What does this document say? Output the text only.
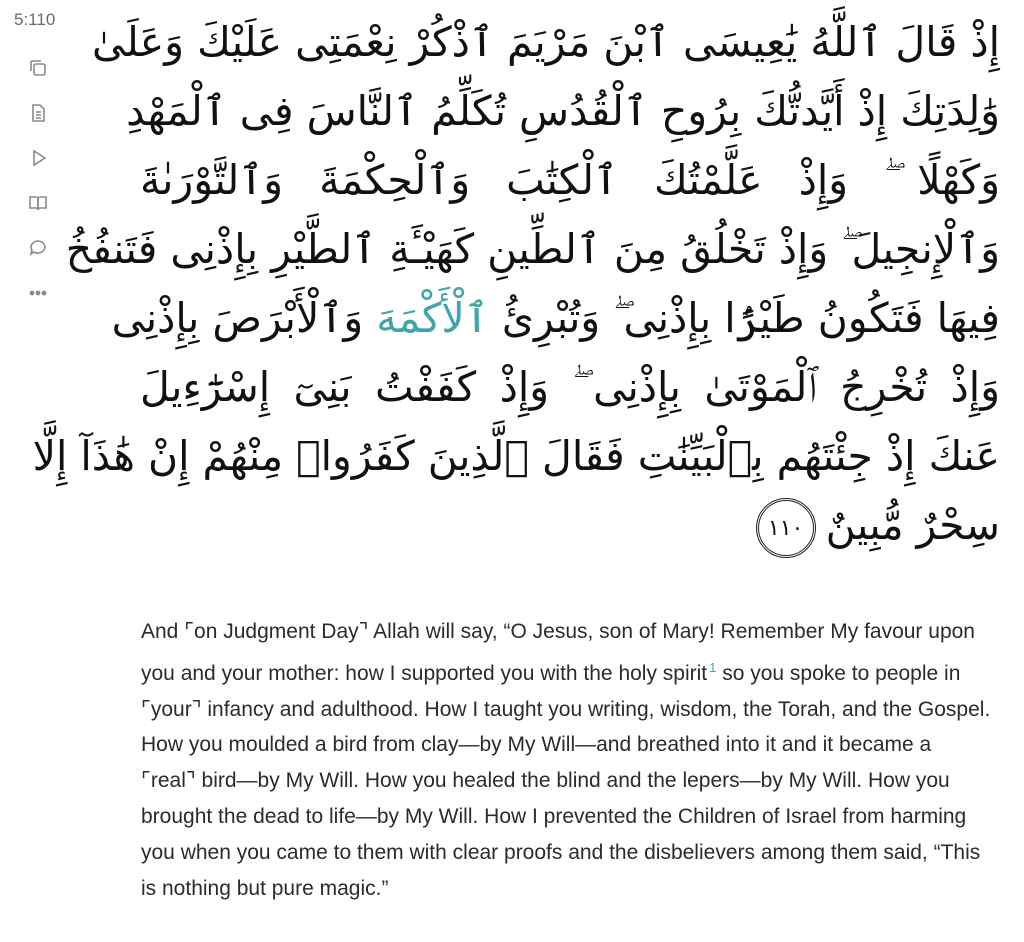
5:110 إِذْ قَالَ ٱللَّهُ يَٰعِيسَى ٱبْنَ مَرْيَمَ ٱذْكُرْ نِعْمَتِى عَلَيْكَ وَعَلَىٰ
وَٰلِدَتِكَ إِذْ أَيَّدتُّكَ بِرُوحِ ٱلْقُدُسِ تُكَلِّمُ ٱلنَّاسَ فِى ٱلْمَهْدِ
وَكَهْلًا ۖ وَإِذْ عَلَّمْتُكَ ٱلْكِتَٰبَ وَٱلْحِكْمَةَ وَٱلتَّوْرَىٰةَ
وَٱلْإِنجِيلَ ۖ وَإِذْ تَخْلُقُ مِنَ ٱلطِّينِ كَهَيْـَٔةِ ٱلطَّيْرِ بِإِذْنِى فَتَنفُخُ
فِيهَا فَتَكُونُ طَيْرًۢا بِإِذْنِى ۖ وَتُبْرِئُ ٱلْأَكْمَهَ وَٱلْأَبْرَصَ بِإِذْنِى
وَإِذْ تُخْرِجُ ٱلْمَوْتَىٰ بِإِذْنِى ۖ وَإِذْ كَفَفْتُ بَنِىٓ إِسْرَٰٓءِيلَ
عَنكَ إِذْ جِئْتَهُم بِٱلْبَيِّنَٰتِ فَقَالَ ٱلَّذِينَ كَفَرُوا۟ مِنْهُمْ إِنْ هَٰذَآ إِلَّا
سِحْرٌ مُّبِينٌ١١٠
And ⌜on Judgment Day⌝ Allah will say, “O Jesus, son of Mary! Remember My favour upon you and your mother: how I supported you with the holy spirit $^1$ so you spoke to people in ⌜your⌝ infancy and adulthood. How I taught you writing, wisdom, the Torah, and the Gospel. How you moulded a bird from clay—by My Will—and breathed into it and it became a ⌜real⌝ bird—by My Will. How you healed the blind and the lepers—by My Will. How you brought the dead to life—by My Will. How I prevented the Children of Israel from harming you when you came to them with clear proofs and the disbelievers among them said, “This is nothing but pure magic.”
